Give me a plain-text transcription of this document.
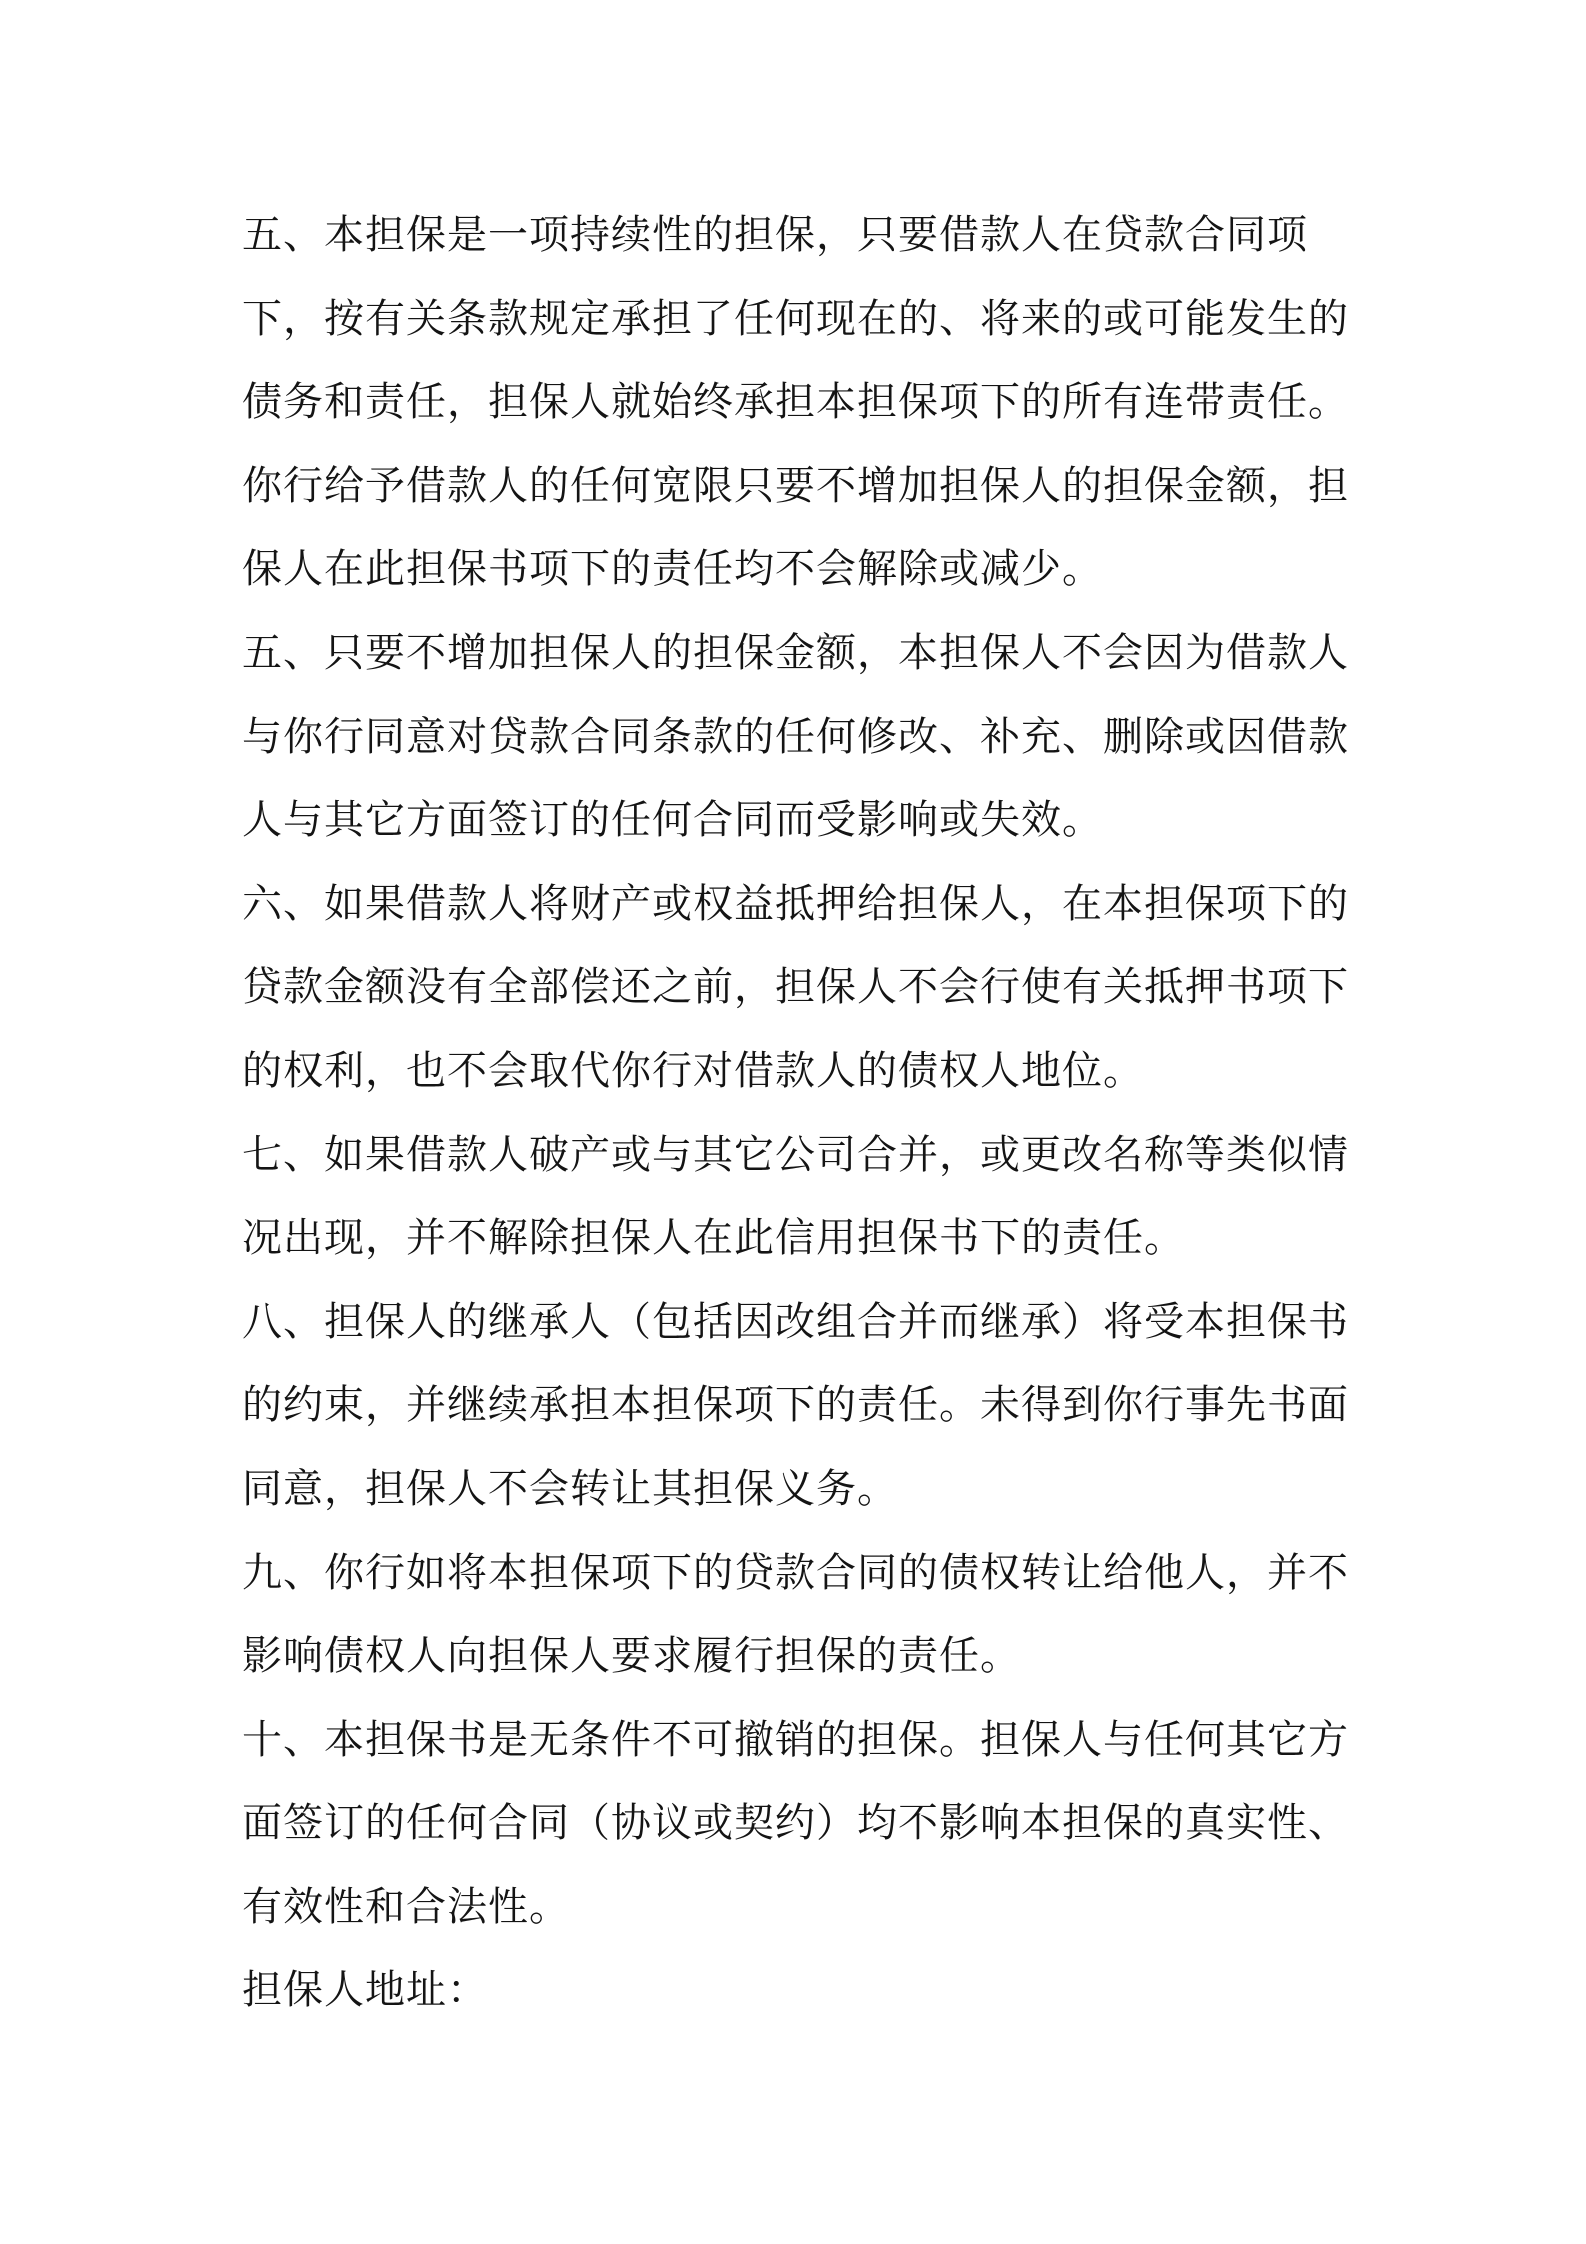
五、本担保是一项持续性的担保，只要借款人在贷款合同项下，按有关条款规定承担了任何现在的、将来的或可能发生的债务和责任，担保人就始终承担本担保项下的所有连带责任。你行给予借款人的任何宽限只要不增加担保人的担保金额，担保人在此担保书项下的责任均不会解除或减少。

五、只要不增加担保人的担保金额，本担保人不会因为借款人与你行同意对贷款合同条款的任何修改、补充、删除或因借款人与其它方面签订的任何合同而受影响或失效。

六、如果借款人将财产或权益抵押给担保人，在本担保项下的贷款金额没有全部偿还之前，担保人不会行使有关抵押书项下的权利，也不会取代你行对借款人的债权人地位。

七、如果借款人破产或与其它公司合并，或更改名称等类似情况出现，并不解除担保人在此信用担保书下的责任。

八、担保人的继承人（包括因改组合并而继承）将受本担保书的约束，并继续承担本担保项下的责任。未得到你行事先书面同意，担保人不会转让其担保义务。

九、你行如将本担保项下的贷款合同的债权转让给他人，并不影响债权人向担保人要求履行担保的责任。

十、本担保书是无条件不可撤销的担保。担保人与任何其它方面签订的任何合同（协议或契约）均不影响本担保的真实性、有效性和合法性。

担保人地址：
